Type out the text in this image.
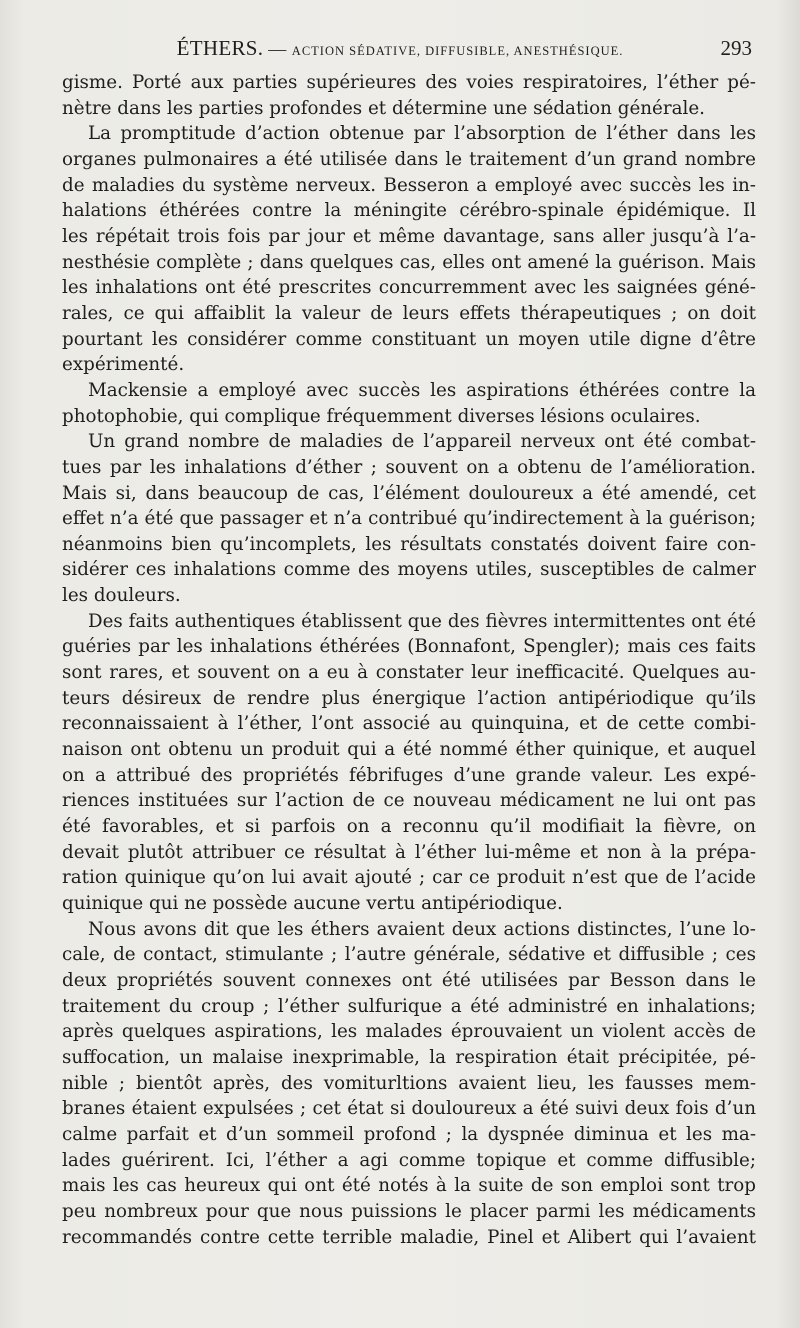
ÉTHERS. — ACTION SÉDATIVE, DIFFUSIBLE, ANESTHÉSIQUE.	293
gisme. Porté aux parties supérieures des voies respiratoires, l’éther pé-
nètre dans les parties profondes et détermine une sédation générale.
La promptitude d’action obtenue par l’absorption de l’éther dans les
organes pulmonaires a été utilisée dans le traitement d’un grand nombre
de maladies du système nerveux. Besseron a employé avec succès les in-
halations éthérées contre la méningite cérébro-spinale épidémique. Il
les répétait trois fois par jour et même davantage, sans aller jusqu’à l’a-
nesthésie complète ; dans quelques cas, elles ont amené la guérison. Mais
les inhalations ont été prescrites concurremment avec les saignées géné-
rales, ce qui affaiblit la valeur de leurs effets thérapeutiques ; on doit
pourtant les considérer comme constituant un moyen utile digne d’être
expérimenté.
Mackensie a employé avec succès les aspirations éthérées contre la
photophobie, qui complique fréquemment diverses lésions oculaires.
Un grand nombre de maladies de l’appareil nerveux ont été combat-
tues par les inhalations d’éther ; souvent on a obtenu de l’amélioration.
Mais si, dans beaucoup de cas, l’élément douloureux a été amendé, cet
effet n’a été que passager et n’a contribué qu’indirectement à la guérison;
néanmoins bien qu’incomplets, les résultats constatés doivent faire con-
sidérer ces inhalations comme des moyens utiles, susceptibles de calmer
les douleurs.
Des faits authentiques établissent que des fièvres intermittentes ont été
guéries par les inhalations éthérées (Bonnafont, Spengler); mais ces faits
sont rares, et souvent on a eu à constater leur inefficacité. Quelques au-
teurs désireux de rendre plus énergique l’action antipériodique qu’ils
reconnaissaient à l’éther, l’ont associé au quinquina, et de cette combi-
naison ont obtenu un produit qui a été nommé éther quinique, et auquel
on a attribué des propriétés fébrifuges d’une grande valeur. Les expé-
riences instituées sur l’action de ce nouveau médicament ne lui ont pas
été favorables, et si parfois on a reconnu qu’il modifiait la fièvre, on
devait plutôt attribuer ce résultat à l’éther lui-même et non à la prépa-
ration quinique qu’on lui avait ajouté ; car ce produit n’est que de l’acide
quinique qui ne possède aucune vertu antipériodique.
Nous avons dit que les éthers avaient deux actions distinctes, l’une lo-
cale, de contact, stimulante ; l’autre générale, sédative et diffusible ; ces
deux propriétés souvent connexes ont été utilisées par Besson dans le
traitement du croup ; l’éther sulfurique a été administré en inhalations;
après quelques aspirations, les malades éprouvaient un violent accès de
suffocation, un malaise inexprimable, la respiration était précipitée, pé-
nible ; bientôt après, des vomiturltions avaient lieu, les fausses mem-
branes étaient expulsées ; cet état si douloureux a été suivi deux fois d’un
calme parfait et d’un sommeil profond ; la dyspnée diminua et les ma-
lades guérirent. Ici, l’éther a agi comme topique et comme diffusible;
mais les cas heureux qui ont été notés à la suite de son emploi sont trop
peu nombreux pour que nous puissions le placer parmi les médicaments
recommandés contre cette terrible maladie, Pinel et Alibert qui l’avaient
